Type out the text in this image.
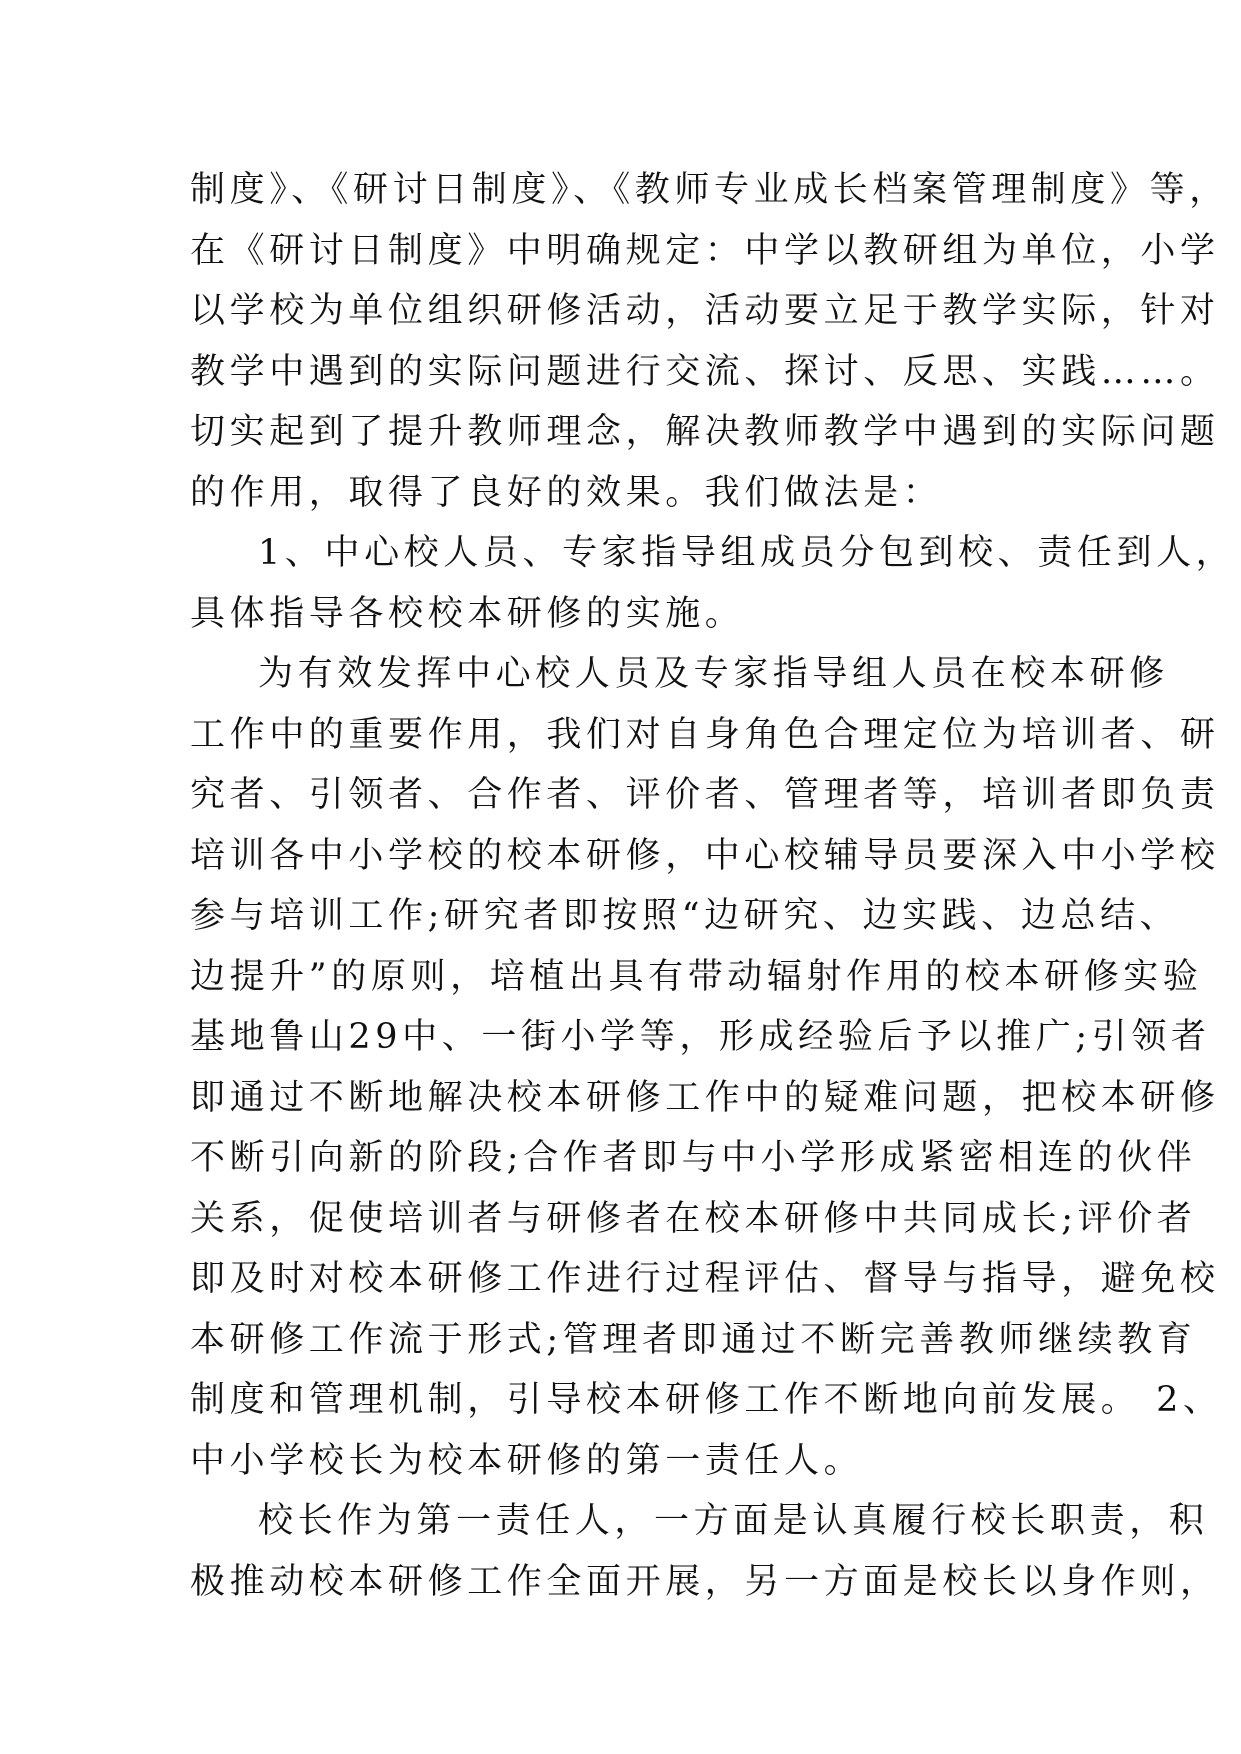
制度》、《研讨日制度》、《教师专业成长档案管理制度》等，
在《研讨日制度》中明确规定：中学以教研组为单位，小学
以学校为单位组织研修活动，活动要立足于教学实际，针对
教学中遇到的实际问题进行交流、探讨、反思、实践……。
切实起到了提升教师理念，解决教师教学中遇到的实际问题
的作用，取得了良好的效果。我们做法是：
1、中心校人员、专家指导组成员分包到校、责任到人，
具体指导各校校本研修的实施。
为有效发挥中心校人员及专家指导组人员在校本研修
工作中的重要作用，我们对自身角色合理定位为培训者、研
究者、引领者、合作者、评价者、管理者等，培训者即负责
培训各中小学校的校本研修，中心校辅导员要深入中小学校
参与培训工作;研究者即按照“边研究、边实践、边总结、
边提升”的原则，培植出具有带动辐射作用的校本研修实验
基地鲁山29中、一街小学等，形成经验后予以推广;引领者
即通过不断地解决校本研修工作中的疑难问题，把校本研修
不断引向新的阶段;合作者即与中小学形成紧密相连的伙伴
关系，促使培训者与研修者在校本研修中共同成长;评价者
即及时对校本研修工作进行过程评估、督导与指导，避免校
本研修工作流于形式;管理者即通过不断完善教师继续教育
制度和管理机制，引导校本研修工作不断地向前发展。 2、
中小学校长为校本研修的第一责任人。
校长作为第一责任人，一方面是认真履行校长职责，积
极推动校本研修工作全面开展，另一方面是校长以身作则，
